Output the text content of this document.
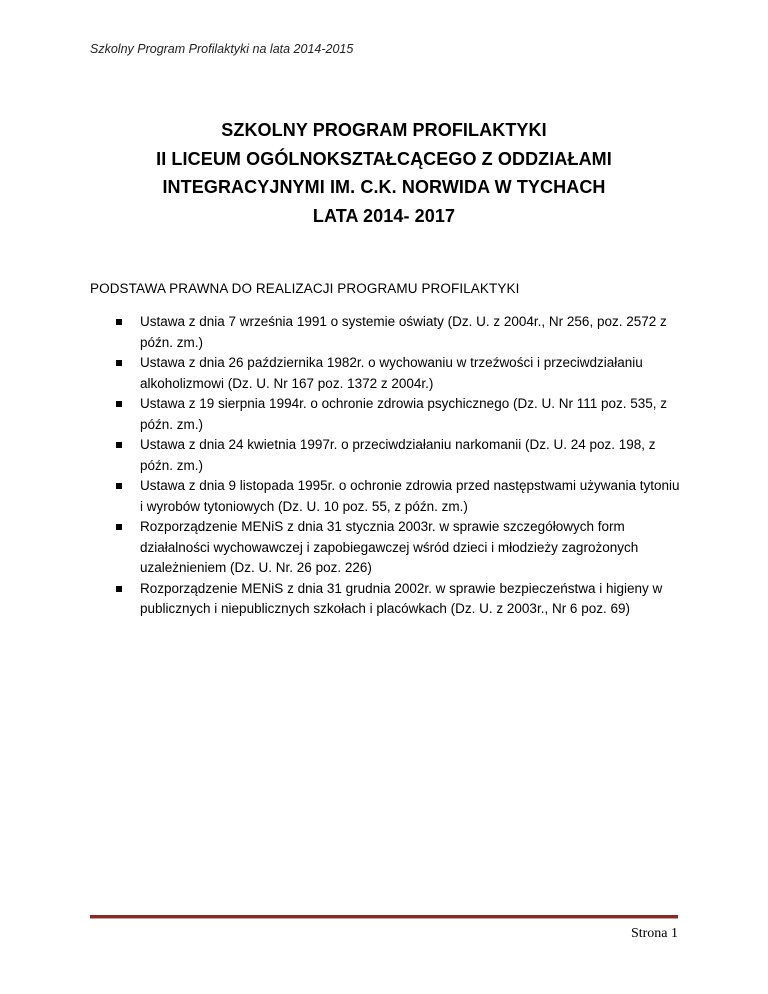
Szkolny Program Profilaktyki na lata 2014-2015
SZKOLNY PROGRAM PROFILAKTYKI
II LICEUM OGÓLNOKSZTAŁCĄCEGO Z ODDZIAŁAMI
INTEGRACYJNYMI IM. C.K. NORWIDA W TYCHACH
LATA 2014- 2017
PODSTAWA PRAWNA DO REALIZACJI PROGRAMU PROFILAKTYKI
Ustawa z dnia 7 września 1991 o systemie oświaty (Dz. U. z 2004r., Nr 256, poz. 2572 z późn. zm.)
Ustawa z dnia 26 października 1982r. o wychowaniu w trzeźwości i przeciwdziałaniu alkoholizmowi (Dz. U. Nr 167 poz. 1372 z 2004r.)
Ustawa z 19 sierpnia 1994r. o ochronie zdrowia psychicznego (Dz. U. Nr 111 poz. 535, z późn. zm.)
Ustawa z dnia 24 kwietnia 1997r. o przeciwdziałaniu narkomanii (Dz. U. 24 poz. 198, z późn. zm.)
Ustawa z dnia 9 listopada 1995r. o ochronie zdrowia przed następstwami używania tytoniu i wyrobów tytoniowych (Dz. U. 10 poz. 55, z późn. zm.)
Rozporządzenie MENiS z dnia 31 stycznia 2003r. w sprawie szczegółowych form działalności wychowawczej i zapobiegawczej wśród dzieci i młodzieży zagrożonych uzależnieniem (Dz. U. Nr. 26 poz. 226)
Rozporządzenie MENiS z dnia 31 grudnia 2002r. w sprawie bezpieczeństwa i higieny w publicznych i niepublicznych szkołach i placówkach (Dz. U. z 2003r., Nr 6 poz. 69)
Strona 1
